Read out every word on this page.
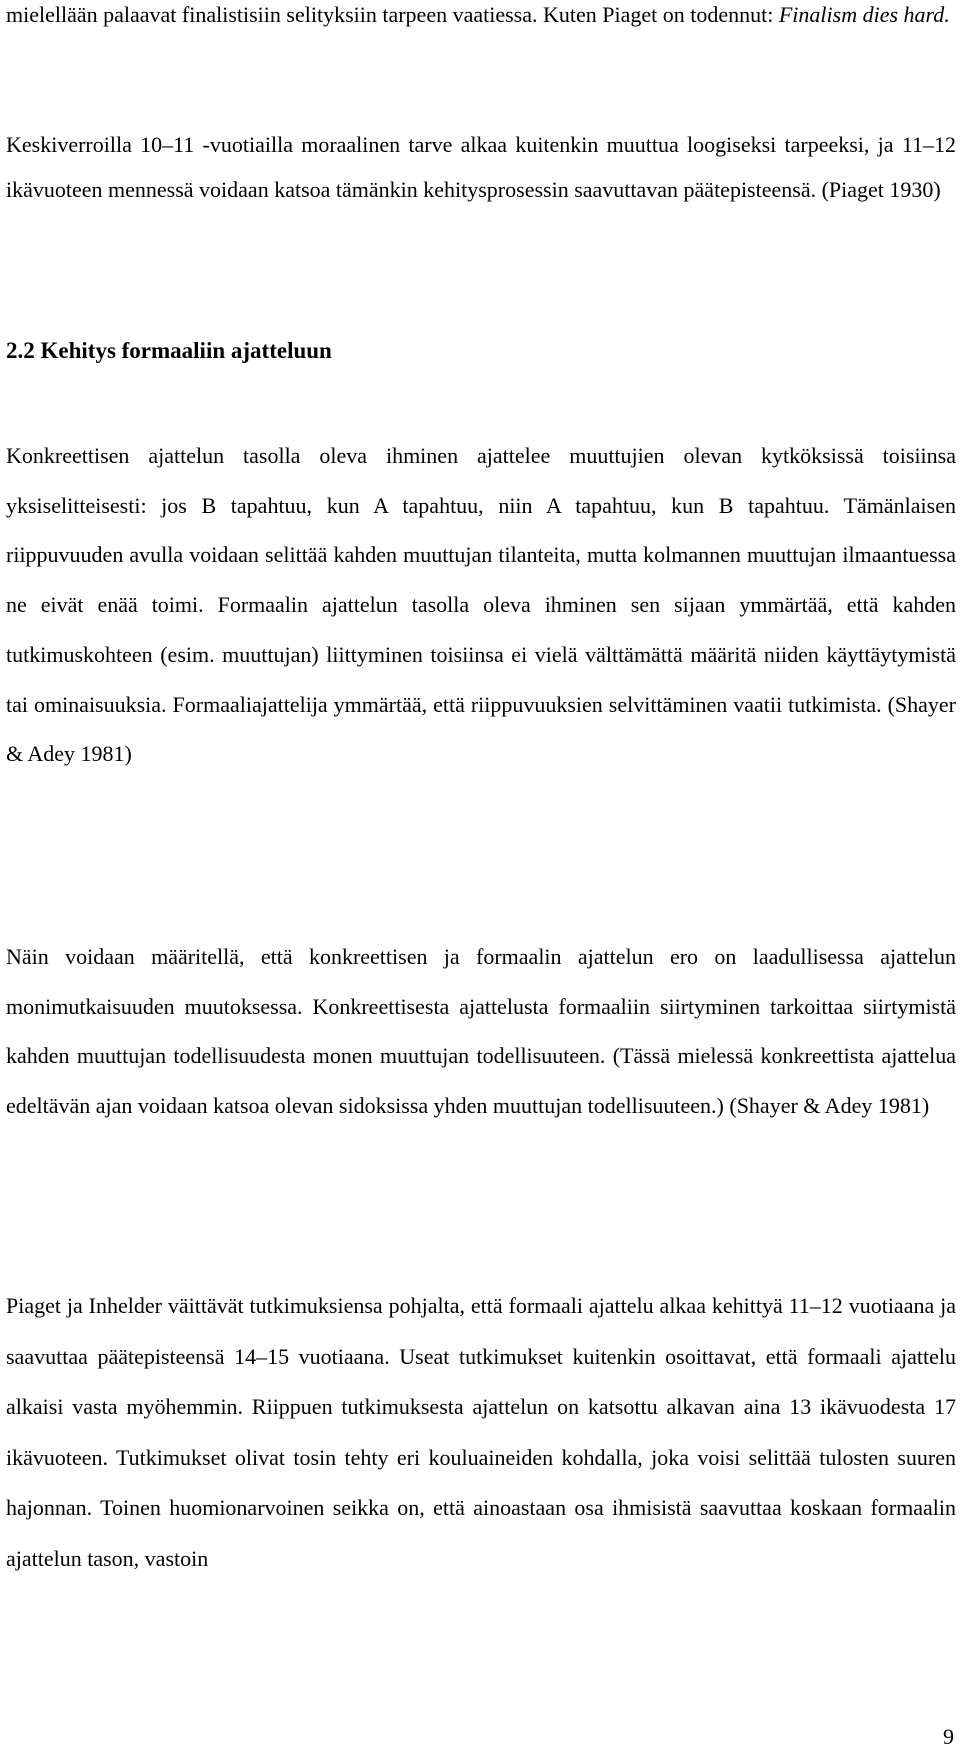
mielellään palaavat finalistisiin selityksiin tarpeen vaatiessa. Kuten Piaget on todennut: Finalism dies hard.

Keskiverroilla 10–11 -vuotiailla moraalinen tarve alkaa kuitenkin muuttua loogiseksi tarpeeksi, ja 11–12 ikävuoteen mennessä voidaan katsoa tämänkin kehitysprosessin saavuttavan päätepisteensä. (Piaget 1930)

2.2 Kehitys formaaliin ajatteluun

Konkreettisen ajattelun tasolla oleva ihminen ajattelee muuttujien olevan kytköksissä toisiinsa yksiselitteisesti: jos B tapahtuu, kun A tapahtuu, niin A tapahtuu, kun B tapahtuu. Tämänlaisen riippuvuuden avulla voidaan selittää kahden muuttujan tilanteita, mutta kolmannen muuttujan ilmaantuessa ne eivät enää toimi. Formaalin ajattelun tasolla oleva ihminen sen sijaan ymmärtää, että kahden tutkimuskohteen (esim. muuttujan) liittyminen toisiinsa ei vielä välttämättä määritä niiden käyttäytymistä tai ominaisuuksia. Formaaliajattelija ymmärtää, että riippuvuuksien selvittäminen vaatii tutkimista. (Shayer & Adey 1981)

Näin voidaan määritellä, että konkreettisen ja formaalin ajattelun ero on laadullisessa ajattelun monimutkaisuuden muutoksessa. Konkreettisesta ajattelusta formaaliin siirtyminen tarkoittaa siirtymistä kahden muuttujan todellisuudesta monen muuttujan todellisuuteen. (Tässä mielessä konkreettista ajattelua edeltävän ajan voidaan katsoa olevan sidoksissa yhden muuttujan todellisuuteen.) (Shayer & Adey 1981)

Piaget ja Inhelder väittävät tutkimuksiensa pohjalta, että formaali ajattelu alkaa kehittyä 11–12 vuotiaana ja saavuttaa päätepisteensä 14–15 vuotiaana. Useat tutkimukset kuitenkin osoittavat, että formaali ajattelu alkaisi vasta myöhemmin. Riippuen tutkimuksesta ajattelun on katsottu alkavan aina 13 ikävuodesta 17 ikävuoteen. Tutkimukset olivat tosin tehty eri kouluaineiden kohdalla, joka voisi selittää tulosten suuren hajonnan. Toinen huomionarvoinen seikka on, että ainoastaan osa ihmisistä saavuttaa koskaan formaalin ajattelun tason, vastoin

9
